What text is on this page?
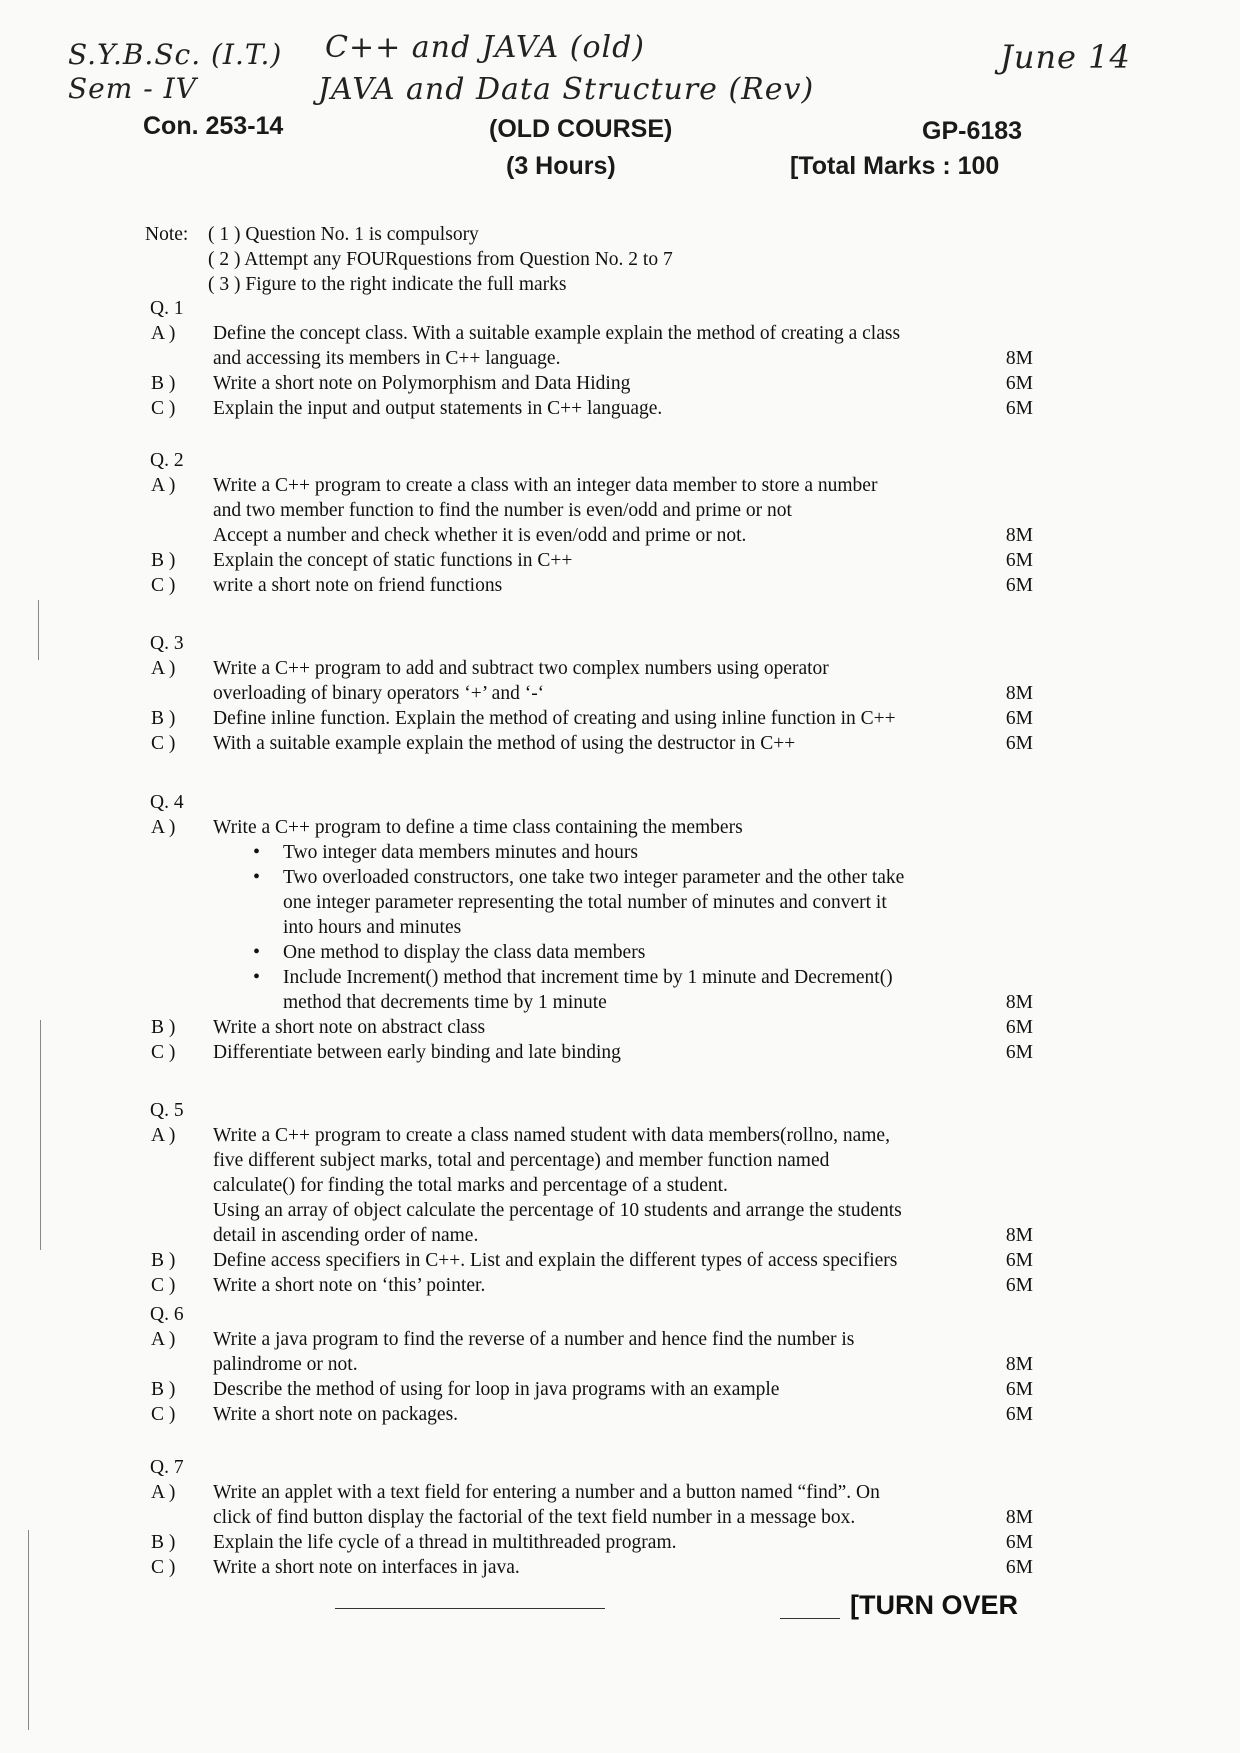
S.Y.B.Sc. (I.T.)
Sem - IV
C++ and JAVA (old)
JAVA and Data Structure (Rev)
June 14
Con. 253-14	(OLD COURSE)	GP-6183
(3 Hours)	[Total Marks : 100
Note:	( 1 ) Question No. 1 is compulsory
( 2 ) Attempt any FOURquestions from Question No. 2 to 7
( 3 ) Figure to the right indicate the full marks
Q. 1
A )	Define the concept class. With a suitable example explain the method of creating a class
and accessing its members in C++ language.	8M
B )	Write a short note on Polymorphism and Data Hiding	6M
C )	Explain the input and output statements in C++ language.	6M
Q. 2
A )	Write a C++ program to create a class with an integer data member to store a number
and two member function to find the number is even/odd and prime or not
Accept a number and check whether it is even/odd and prime or not.	8M
B )	Explain the concept of static functions in C++	6M
C )	write a short note on friend functions	6M
Q. 3
A )	Write a C++ program to add and subtract two complex numbers using operator
overloading of binary operators ‘+’ and ‘-‘	8M
B )	Define inline function. Explain the method of creating and using inline function in C++	6M
C )	With a suitable example explain the method of using the destructor in C++	6M
Q. 4
A )	Write a C++ program to define a time class containing the members
• Two integer data members minutes and hours
• Two overloaded constructors, one take two integer parameter and the other take
one integer parameter representing the total number of minutes and convert it
into hours and minutes
• One method to display the class data members
• Include Increment() method that increment time by 1 minute and Decrement()
method that decrements time by 1 minute	8M
B )	Write a short note on abstract class	6M
C )	Differentiate between early binding and late binding	6M
Q. 5
A )	Write a C++ program to create a class named student with data members(rollno, name,
five different subject marks, total and percentage) and member function named
calculate() for finding the total marks and percentage of a student.
Using an array of object calculate the percentage of 10 students and arrange the students
detail in ascending order of name.	8M
B )	Define access specifiers in C++. List and explain the different types of access specifiers	6M
C )	Write a short note on ‘this’ pointer.	6M
Q. 6
A )	Write a java program to find the reverse of a number and hence find the number is
palindrome or not.	8M
B )	Describe the method of using for loop in java programs with an example	6M
C )	Write a short note on packages.	6M
Q. 7
A )	Write an applet with a text field for entering a number and a button named “find”. On
click of find button display the factorial of the text field number in a message box.	8M
B )	Explain the life cycle of a thread in multithreaded program.	6M
C )	Write a short note on interfaces in java.	6M
[TURN OVER
